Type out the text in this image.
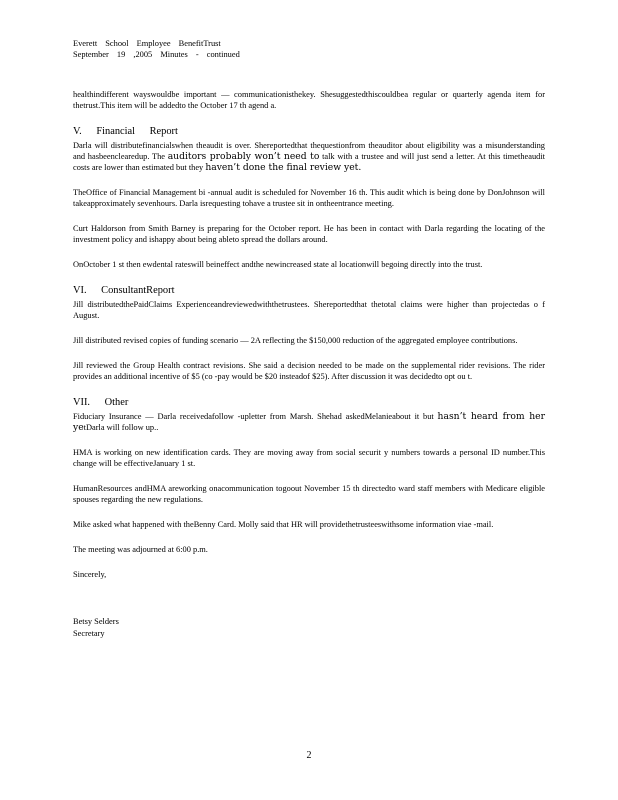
Everett School Employee BenefitTrust
September 19 ,2005 Minutes - continued

healthindifferent wayswouldbe important — communicationisthekey. Shesuggestedthiscouldbea regular or quarterly agenda item for thetrust.This item will be addedto the October 17 th agend a.

V. Financial Report

Darla will distributefinancialswhen theaudit is over. Shereportedthat thequestionfrom theauditor about eligibility was a misunderstanding and hasbeenclearedup. The auditors probably won’t need to talk with a trustee and will just send a letter. At this timetheaudit costs are lower than estimated but they haven’t done the final review yet.

TheOffice of Financial Management bi -annual audit is scheduled for November 16 th. This audit which is being done by DonJohnson will takeapproximately sevenhours. Darla isrequesting tohave a trustee sit in ontheentrance meeting.

Curt Haldorson from Smith Barney is preparing for the October report. He has been in contact with Darla regarding the locating of the investment policy and ishappy about being ableto spread the dollars around.

OnOctober 1 st then ewdental rateswill beineffect andthe newincreased state al locationwill begoing directly into the trust.

VI. ConsultantReport

Jill distributedthePaidClaims Experienceandreviewedwiththetrustees. Shereportedthat thetotal claims were higher than projectedas o f August.

Jill distributed revised copies of funding scenario — 2A reflecting the $150,000 reduction of the aggregated employee contributions.

Jill reviewed the Group Health contract revisions. She said a decision needed to be made on the supplemental rider revisions. The rider provides an additional incentive of $5 (co -pay would be $20 insteadof $25). After discussion it was decidedto opt ou t.

VII. Other

Fiduciary Insurance — Darla receivedafollow -upletter from Marsh. Shehad askedMelanieabout it but hasn’t heard from her yetDarla will follow up..

HMA is working on new identification cards. They are moving away from social securit y numbers towards a personal ID number.This change will be effectiveJanuary 1 st.

HumanResources andHMA areworking onacommunication togoout November 15 th directedto ward staff members with Medicare eligible spouses regarding the new regulations.

Mike asked what happened with theBenny Card. Molly said that HR will providethetrusteeswithsome information viae -mail.

The meeting was adjourned at 6:00 p.m.

Sincerely,

Betsy Selders
Secretary
2
